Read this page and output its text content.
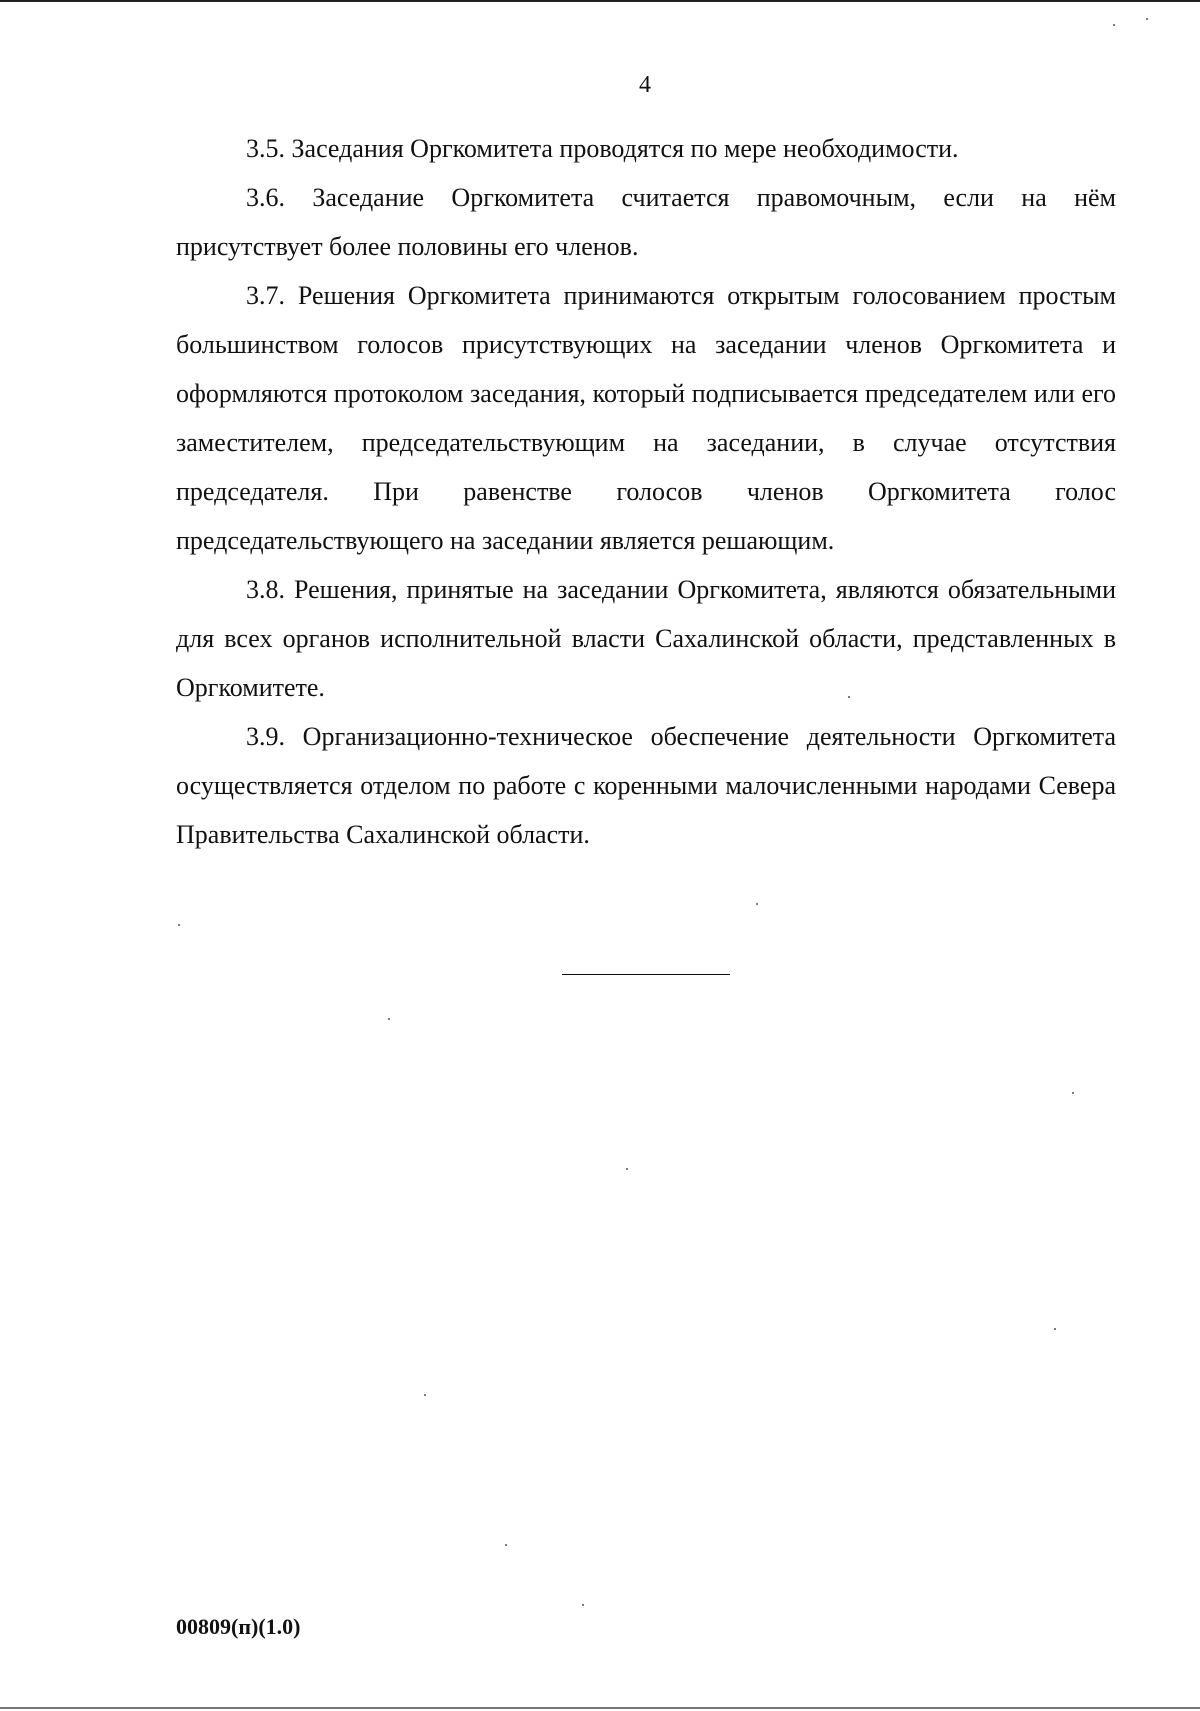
4

3.5. Заседания Оргкомитета проводятся по мере необходимости.

3.6. Заседание Оргкомитета считается правомочным, если на нём присутствует более половины его членов.

3.7. Решения Оргкомитета принимаются открытым голосованием простым большинством голосов присутствующих на заседании членов Оргкомитета и оформляются протоколом заседания, который подписывается председателем или его заместителем, председательствующим на заседании, в случае отсутствия председателя. При равенстве голосов членов Оргкомитета голос председательствующего на заседании является решающим.

3.8. Решения, принятые на заседании Оргкомитета, являются обязательными для всех органов исполнительной власти Сахалинской области, представленных в Оргкомитете.

3.9. Организационно-техническое обеспечение деятельности Оргкомитета осуществляется отделом по работе с коренными малочисленными народами Севера Правительства Сахалинской области.

00809(п)(1.0)
